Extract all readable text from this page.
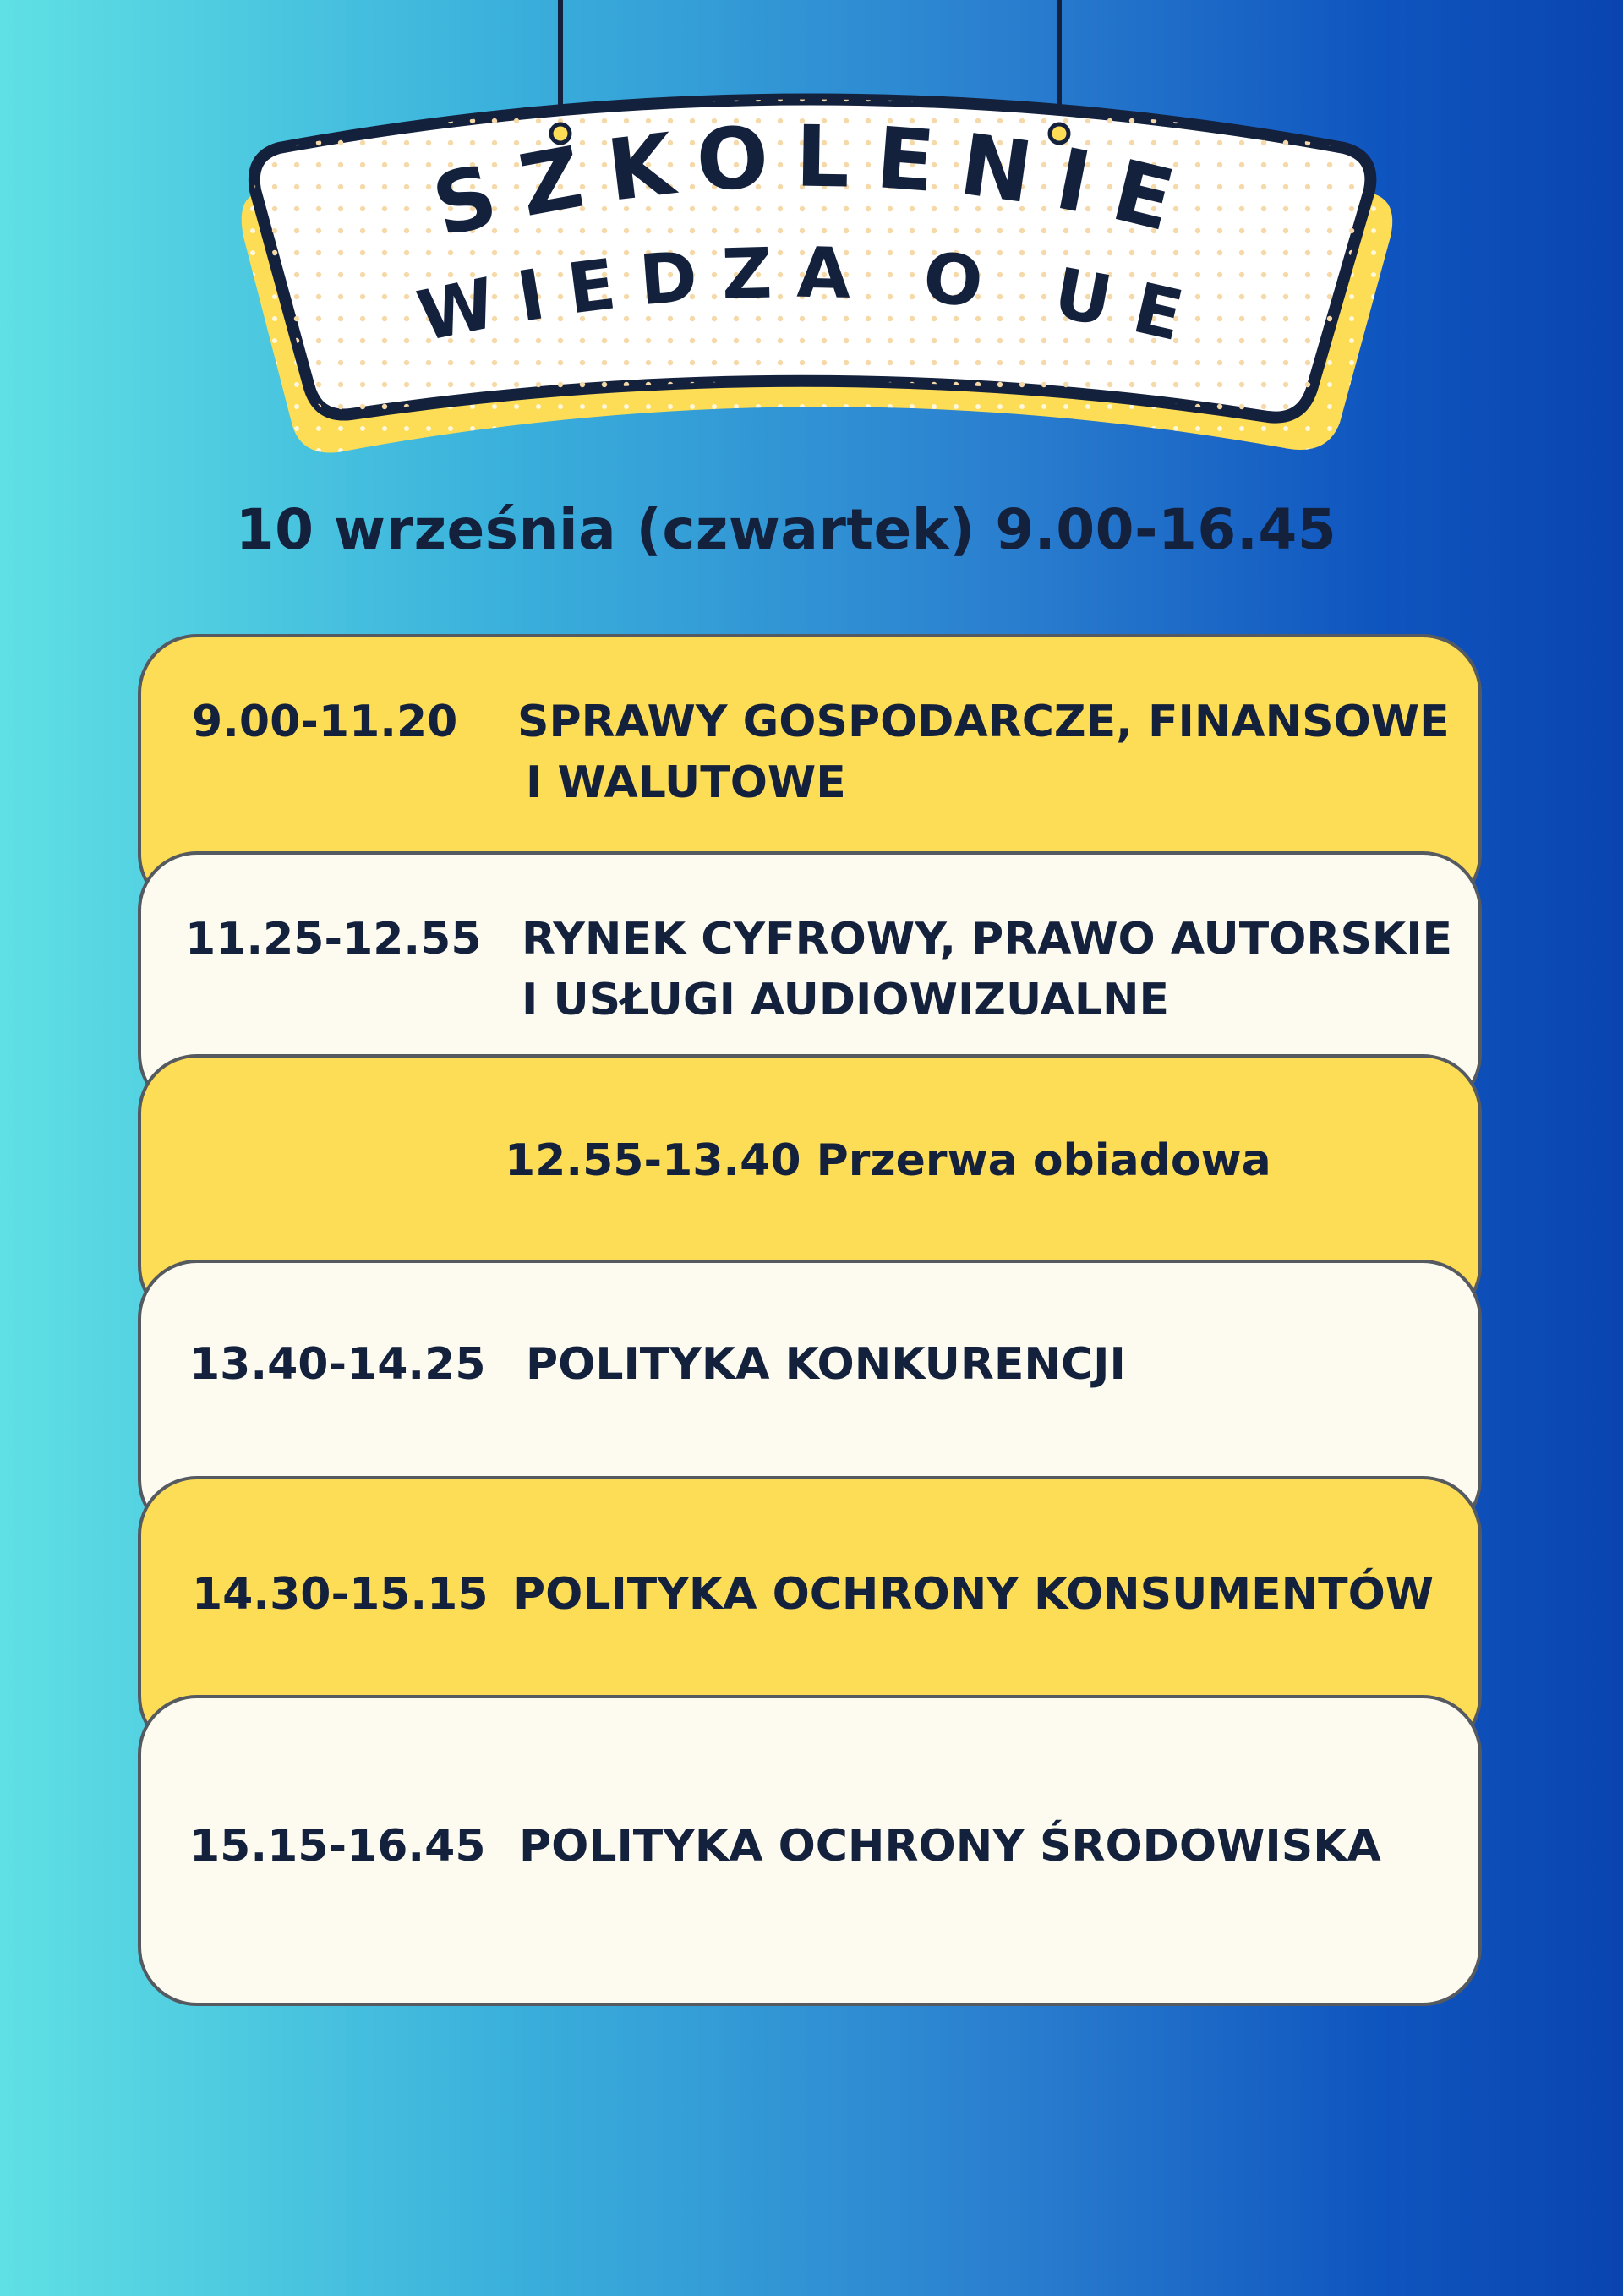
SZKOLENIE
WIEDZA O UE
10 września (czwartek) 9.00-16.45
9.00-11.20 SPRAWY GOSPODARCZE, FINANSOWE
I WALUTOWE
11.25-12.55 RYNEK CYFROWY, PRAWO AUTORSKIE
I USŁUGI AUDIOWIZUALNE
12.55-13.40 Przerwa obiadowa
13.40-14.25 POLITYKA KONKURENCJI
14.30-15.15 POLITYKA OCHRONY KONSUMENTÓW
15.15-16.45 POLITYKA OCHRONY ŚRODOWISKA
